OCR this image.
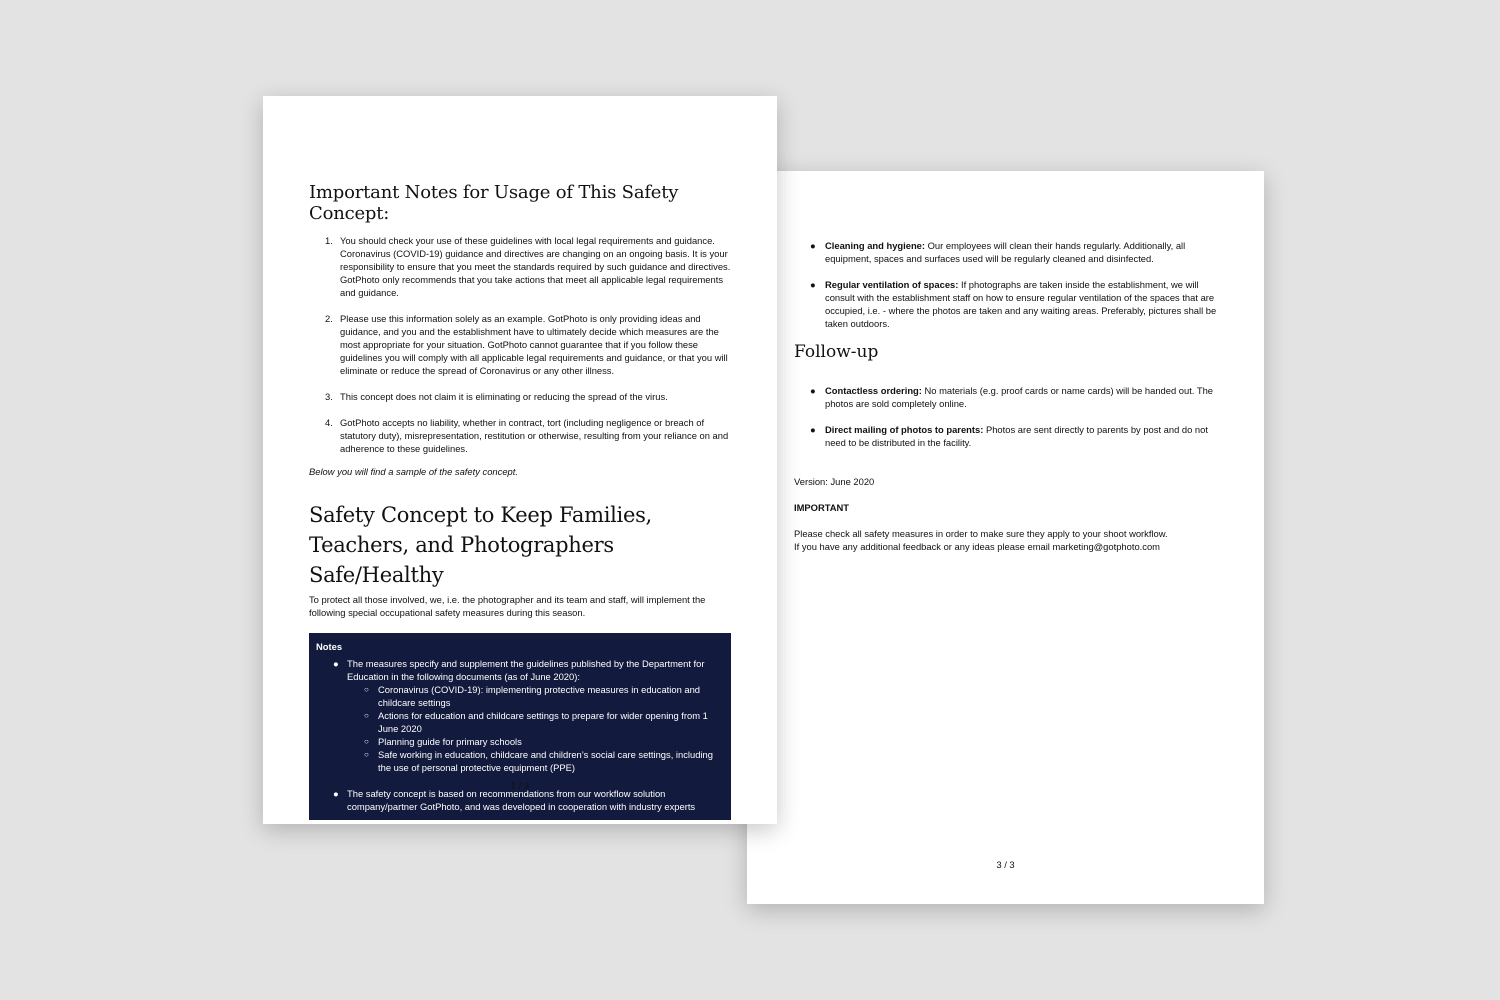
● Cleaning and hygiene: Our employees will clean their hands regularly. Additionally, all equipment, spaces and surfaces used will be regularly cleaned and disinfected.
● Regular ventilation of spaces: If photographs are taken inside the establishment, we will consult with the establishment staff on how to ensure regular ventilation of the spaces that are occupied, i.e. - where the photos are taken and any waiting areas. Preferably, pictures shall be taken outdoors.
Follow-up
● Contactless ordering: No materials (e.g. proof cards or name cards) will be handed out. The photos are sold completely online.
● Direct mailing of photos to parents: Photos are sent directly to parents by post and do not need to be distributed in the facility.
Version: June 2020
IMPORTANT
Please check all safety measures in order to make sure they apply to your shoot workflow.
If you have any additional feedback or any ideas please email marketing@gotphoto.com
3 / 3
Important Notes for Usage of This Safety Concept:
1. You should check your use of these guidelines with local legal requirements and guidance. Coronavirus (COVID-19) guidance and directives are changing on an ongoing basis. It is your responsibility to ensure that you meet the standards required by such guidance and directives. GotPhoto only recommends that you take actions that meet all applicable legal requirements and guidance.
2. Please use this information solely as an example. GotPhoto is only providing ideas and guidance, and you and the establishment have to ultimately decide which measures are the most appropriate for your situation. GotPhoto cannot guarantee that if you follow these guidelines you will comply with all applicable legal requirements and guidance, or that you will eliminate or reduce the spread of Coronavirus or any other illness.
3. This concept does not claim it is eliminating or reducing the spread of the virus.
4. GotPhoto accepts no liability, whether in contract, tort (including negligence or breach of statutory duty), misrepresentation, restitution or otherwise, resulting from your reliance on and adherence to these guidelines.
Below you will find a sample of the safety concept.
Safety Concept to Keep Families, Teachers, and Photographers Safe/Healthy
To protect all those involved, we, i.e. the photographer and its team and staff, will implement the following special occupational safety measures during this season.
Notes
● The measures specify and supplement the guidelines published by the Department for Education in the following documents (as of June 2020):
○ Coronavirus (COVID-19): implementing protective measures in education and childcare settings
○ Actions for education and childcare settings to prepare for wider opening from 1 June 2020
○ Planning guide for primary schools
○ Safe working in education, childcare and children’s social care settings, including the use of personal protective equipment (PPE)
● The safety concept is based on recommendations from our workflow solution company/partner GotPhoto, and was developed in cooperation with industry experts
1 / 3
